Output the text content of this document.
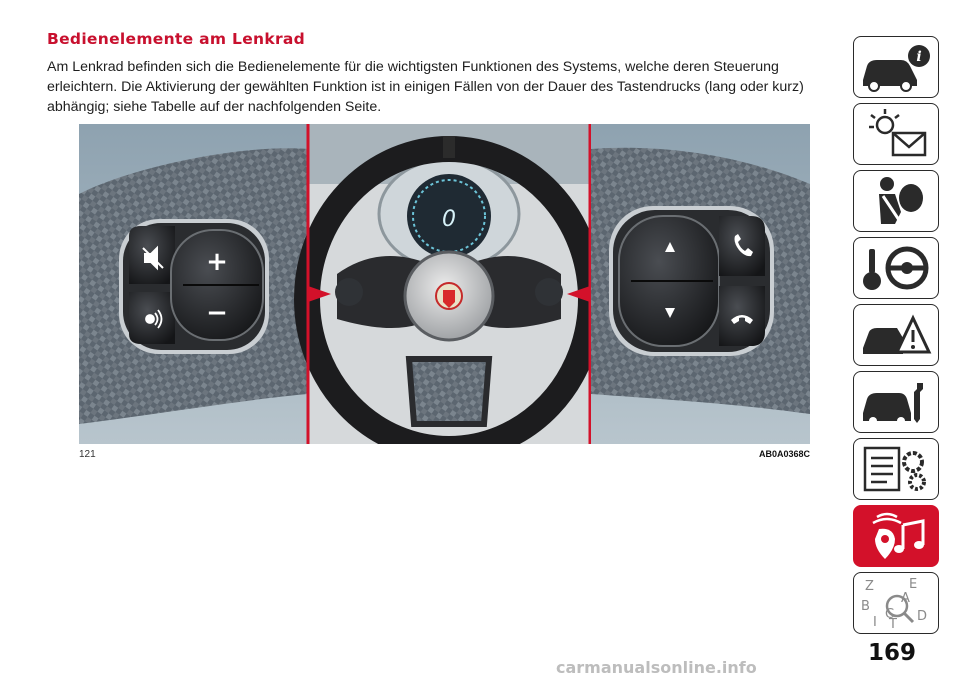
Bedienelemente am Lenkrad
Am Lenkrad befinden sich die Bedienelemente für die wichtigsten Funktionen des Systems, welche deren Steuerung erleichtern. Die Aktivierung der gewählten Funktion ist in einigen Fällen von der Dauer des Tastendrucks (lang oder kurz) abhängig; siehe Tabelle auf der nachfolgenden Seite.
+
−
0
121	AB0A0368C
i
Z	E
A
B
C D
T
I
169
carmanualsonline.info
